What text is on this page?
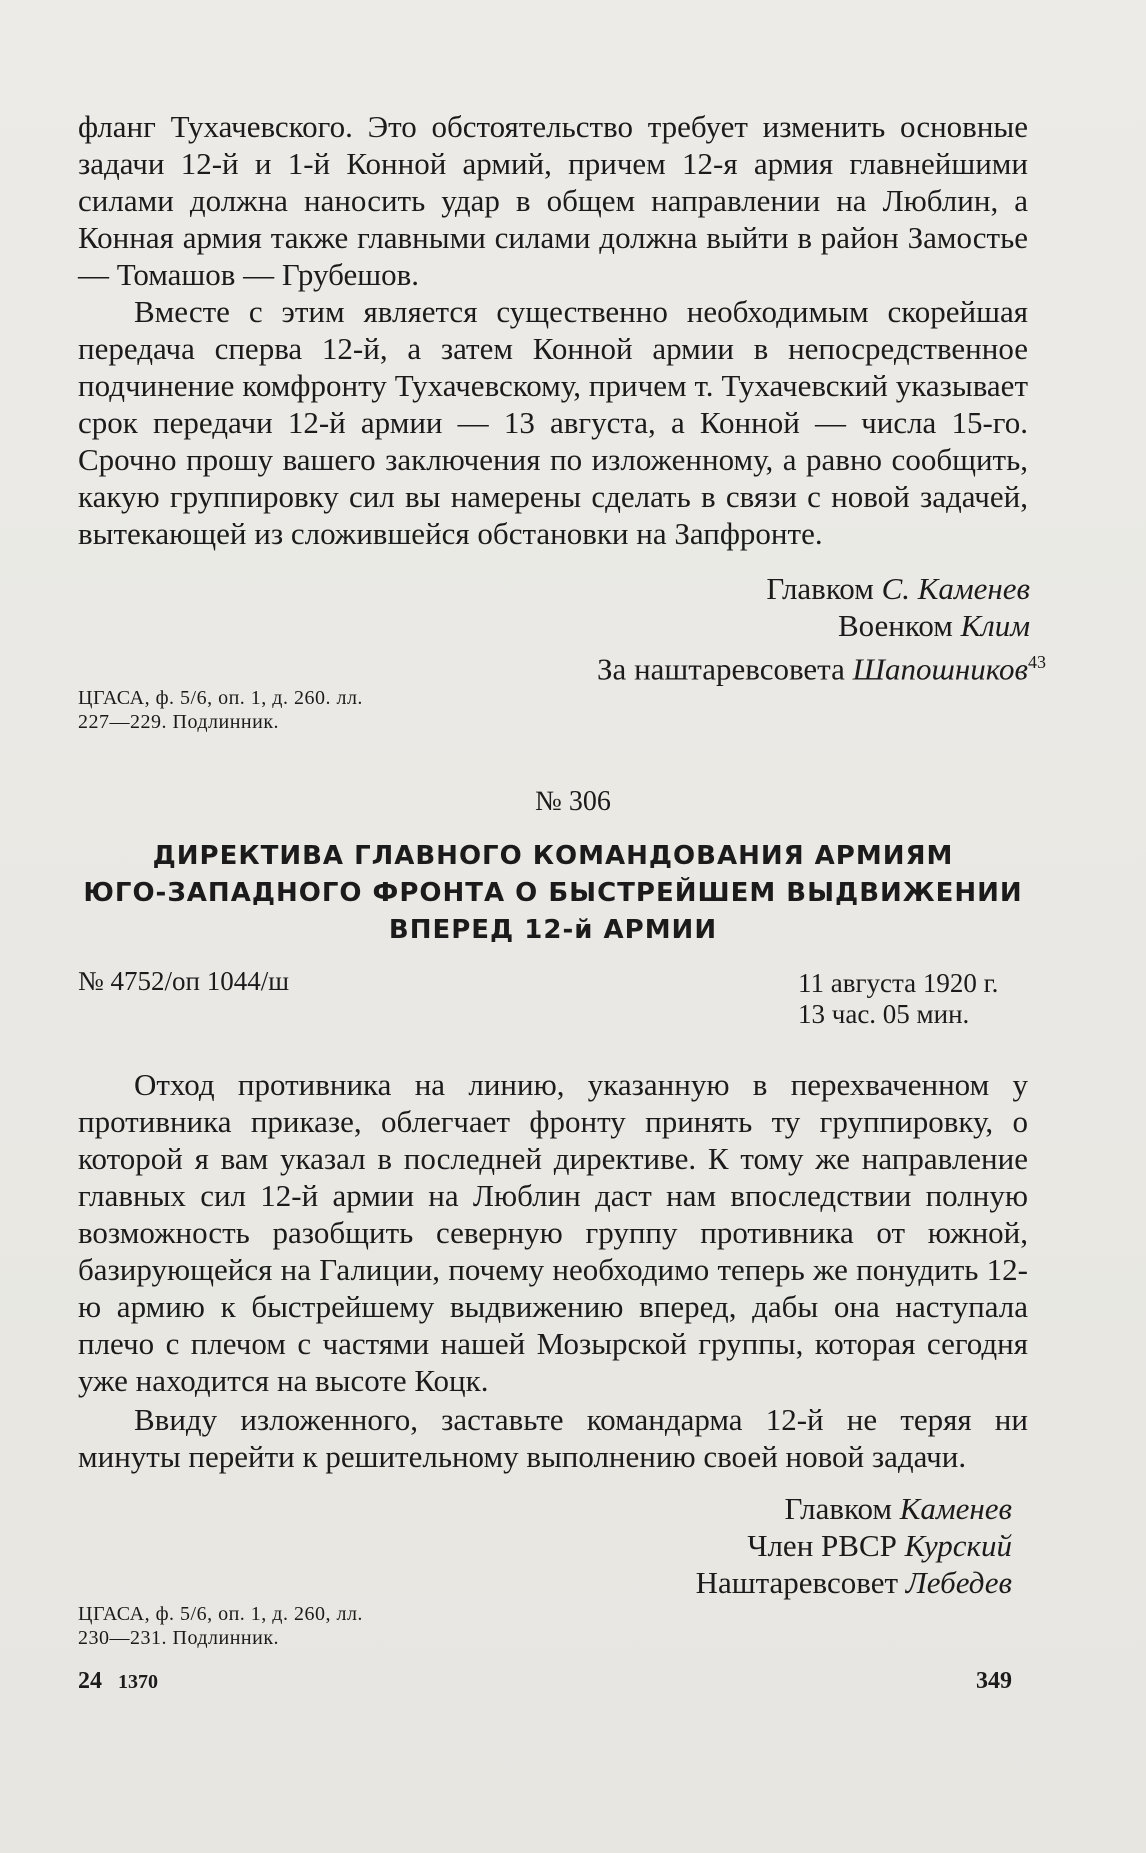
фланг Тухачевского. Это обстоятельство требует изменить основные задачи 12-й и 1-й Конной армий, причем 12-я армия главнейшими силами должна наносить удар в общем направлении на Люблин, а Конная армия также главными силами должна выйти в район Замостье — Томашов — Грубешов.

Вместе с этим является существенно необходимым скорейшая передача сперва 12-й, а затем Конной армии в непосредственное подчинение комфронту Тухачевскому, причем т. Тухачевский указывает срок передачи 12-й армии — 13 августа, а Конной — числа 15-го. Срочно прошу вашего заключения по изложенному, а равно сообщить, какую группировку сил вы намерены сделать в связи с новой задачей, вытекающей из сложившейся обстановки на Запфронте.

Главком С. Каменев
Военком Клим
За наштаревсовета Шапошников$^{43}$
ЦГАСА, ф. 5/6, оп. 1, д. 260. лл.
227—229. Подлинник.
№ 306
ДИРЕКТИВА ГЛАВНОГО КОМАНДОВАНИЯ АРМИЯМ
ЮГО-ЗАПАДНОГО ФРОНТА О БЫСТРЕЙШЕМ ВЫДВИЖЕНИИ
ВПЕРЕД 12-й АРМИИ
№ 4752/оп 1044/ш	11 августа 1920 г.
13 час. 05 мин.

Отход противника на линию, указанную в перехваченном у противника приказе, облегчает фронту принять ту группировку, о которой я вам указал в последней директиве. К тому же направление главных сил 12-й армии на Люблин даст нам впоследствии полную возможность разобщить северную группу противника от южной, базирующейся на Галиции, почему необходимо теперь же понудить 12-ю армию к быстрейшему выдвижению вперед, дабы она наступала плечо с плечом с частями нашей Мозырской группы, которая сегодня уже находится на высоте Коцк.

Ввиду изложенного, заставьте командарма 12-й не теряя ни минуты перейти к решительному выполнению своей новой задачи.

Главком Каменев
Член РВСР Курский
Наштаревсовет Лебедев
ЦГАСА, ф. 5/6, оп. 1, д. 260, лл.
230—231. Подлинник.
24 1370	349
